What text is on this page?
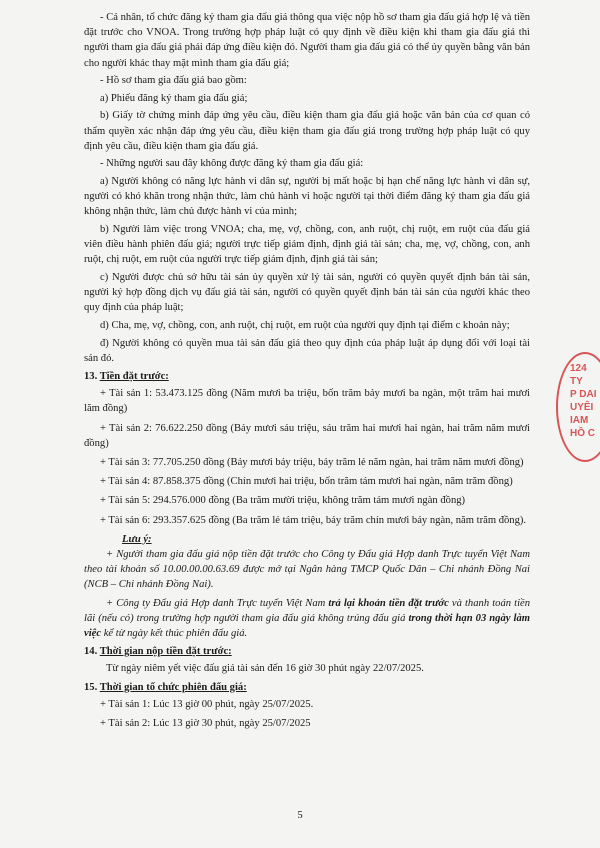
- Cá nhân, tổ chức đăng ký tham gia đấu giá thông qua việc nộp hồ sơ tham gia đấu giá hợp lệ và tiền đặt trước cho VNOA. Trong trường hợp pháp luật có quy định về điều kiện khi tham gia đấu giá thì người tham gia đấu giá phải đáp ứng điều kiện đó. Người tham gia đấu giá có thể ủy quyền bằng văn bản cho người khác thay mặt mình tham gia đấu giá;

- Hồ sơ tham gia đấu giá bao gồm:

a) Phiếu đăng ký tham gia đấu giá;

b) Giấy tờ chứng minh đáp ứng yêu cầu, điều kiện tham gia đấu giá hoặc văn bản của cơ quan có thẩm quyền xác nhận đáp ứng yêu cầu, điều kiện tham gia đấu giá trong trường hợp pháp luật có quy định yêu cầu, điều kiện tham gia đấu giá.

- Những người sau đây không được đăng ký tham gia đấu giá:

a) Người không có năng lực hành vi dân sự, người bị mất hoặc bị hạn chế năng lực hành vi dân sự, người có khó khăn trong nhận thức, làm chủ hành vi hoặc người tại thời điểm đăng ký tham gia đấu giá không nhận thức, làm chủ được hành vi của mình;

b) Người làm việc trong VNOA; cha, mẹ, vợ, chồng, con, anh ruột, chị ruột, em ruột của đấu giá viên điều hành phiên đấu giá; người trực tiếp giám định, định giá tài sản; cha, mẹ, vợ, chồng, con, anh ruột, chị ruột, em ruột của người trực tiếp giám định, định giá tài sản;

c) Người được chủ sở hữu tài sản ủy quyền xử lý tài sản, người có quyền quyết định bán tài sản, người ký hợp đồng dịch vụ đấu giá tài sản, người có quyền quyết định bán tài sản của người khác theo quy định của pháp luật;

d) Cha, mẹ, vợ, chồng, con, anh ruột, chị ruột, em ruột của người quy định tại điểm c khoản này;

đ) Người không có quyền mua tài sản đấu giá theo quy định của pháp luật áp dụng đối với loại tài sản đó.

13. Tiền đặt trước:

+ Tài sản 1: 53.473.125 đồng (Năm mươi ba triệu, bốn trăm bảy mươi ba ngàn, một trăm hai mươi lăm đồng)

+ Tài sản 2: 76.622.250 đồng (Bảy mươi sáu triệu, sáu trăm hai mươi hai ngàn, hai trăm năm mươi đồng)

+ Tài sản 3: 77.705.250 đồng (Bảy mươi bảy triệu, bảy trăm lẻ năm ngàn, hai trăm năm mươi đồng)

+ Tài sản 4: 87.858.375 đồng (Chín mươi hai triệu, bốn trăm tám mươi hai ngàn, năm trăm đồng)

+ Tài sản 5: 294.576.000 đồng (Ba trăm mười triệu, không trăm tám mươi ngàn đồng)

+ Tài sản 6: 293.357.625 đồng (Ba trăm lẻ tám triệu, bảy trăm chín mươi bảy ngàn, năm trăm đồng).

Lưu ý:

+ Người tham gia đấu giá nộp tiền đặt trước cho Công ty Đấu giá Hợp danh Trực tuyến Việt Nam theo tài khoản số 10.00.00.00.63.69 được mở tại Ngân hàng TMCP Quốc Dân – Chi nhánh Đồng Nai (NCB – Chi nhánh Đồng Nai).

+ Công ty Đấu giá Hợp danh Trực tuyến Việt Nam trả lại khoản tiền đặt trước và thanh toán tiền lãi (nếu có) trong trường hợp người tham gia đấu giá không trúng đấu giá trong thời hạn 03 ngày làm việc kể từ ngày kết thúc phiên đấu giá.

14. Thời gian nộp tiền đặt trước:

Từ ngày niêm yết việc đấu giá tài sản đến 16 giờ 30 phút ngày 22/07/2025.

15. Thời gian tổ chức phiên đấu giá:

+ Tài sản 1: Lúc 13 giờ 00 phút, ngày 25/07/2025.

+ Tài sản 2: Lúc 13 giờ 30 phút, ngày 25/07/2025

124
TY
P DAI
UYÊI
IAM
HỒ C
5
